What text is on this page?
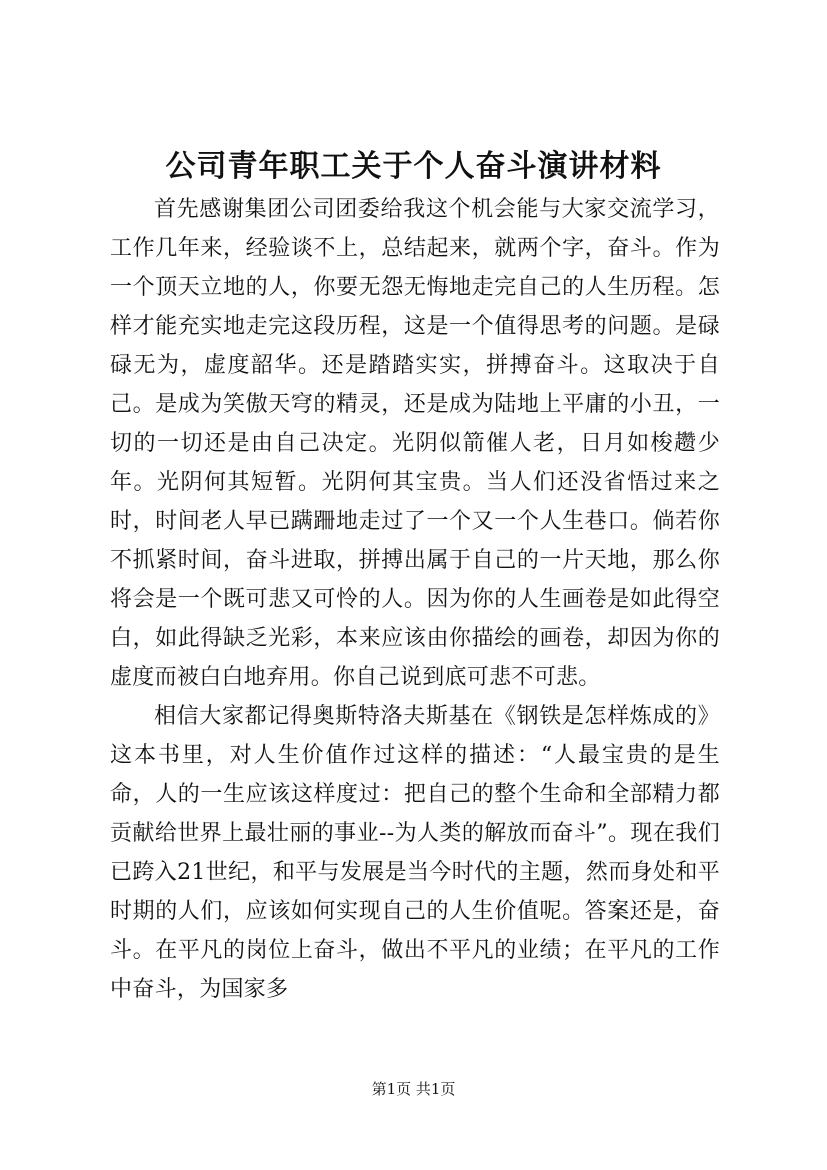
公司青年职工关于个人奋斗演讲材料

首先感谢集团公司团委给我这个机会能与大家交流学习，工作几年来，经验谈不上，总结起来，就两个字，奋斗。作为一个顶天立地的人，你要无怨无悔地走完自己的人生历程。怎样才能充实地走完这段历程，这是一个值得思考的问题。是碌碌无为，虚度韶华。还是踏踏实实，拼搏奋斗。这取决于自己。是成为笑傲天穹的精灵，还是成为陆地上平庸的小丑，一切的一切还是由自己决定。光阴似箭催人老，日月如梭趱少年。光阴何其短暂。光阴何其宝贵。当人们还没省悟过来之时，时间老人早已蹒跚地走过了一个又一个人生巷口。倘若你不抓紧时间，奋斗进取，拼搏出属于自己的一片天地，那么你将会是一个既可悲又可怜的人。因为你的人生画卷是如此得空白，如此得缺乏光彩，本来应该由你描绘的画卷，却因为你的虚度而被白白地弃用。你自己说到底可悲不可悲。

相信大家都记得奥斯特洛夫斯基在《钢铁是怎样炼成的》这本书里，对人生价值作过这样的描述：“人最宝贵的是生命，人的一生应该这样度过：把自己的整个生命和全部精力都贡献给世界上最壮丽的事业--为人类的解放而奋斗”。现在我们已跨入21世纪，和平与发展是当今时代的主题，然而身处和平时期的人们，应该如何实现自己的人生价值呢。答案还是，奋斗。在平凡的岗位上奋斗，做出不平凡的业绩；在平凡的工作中奋斗，为国家多

第1页 共1页
